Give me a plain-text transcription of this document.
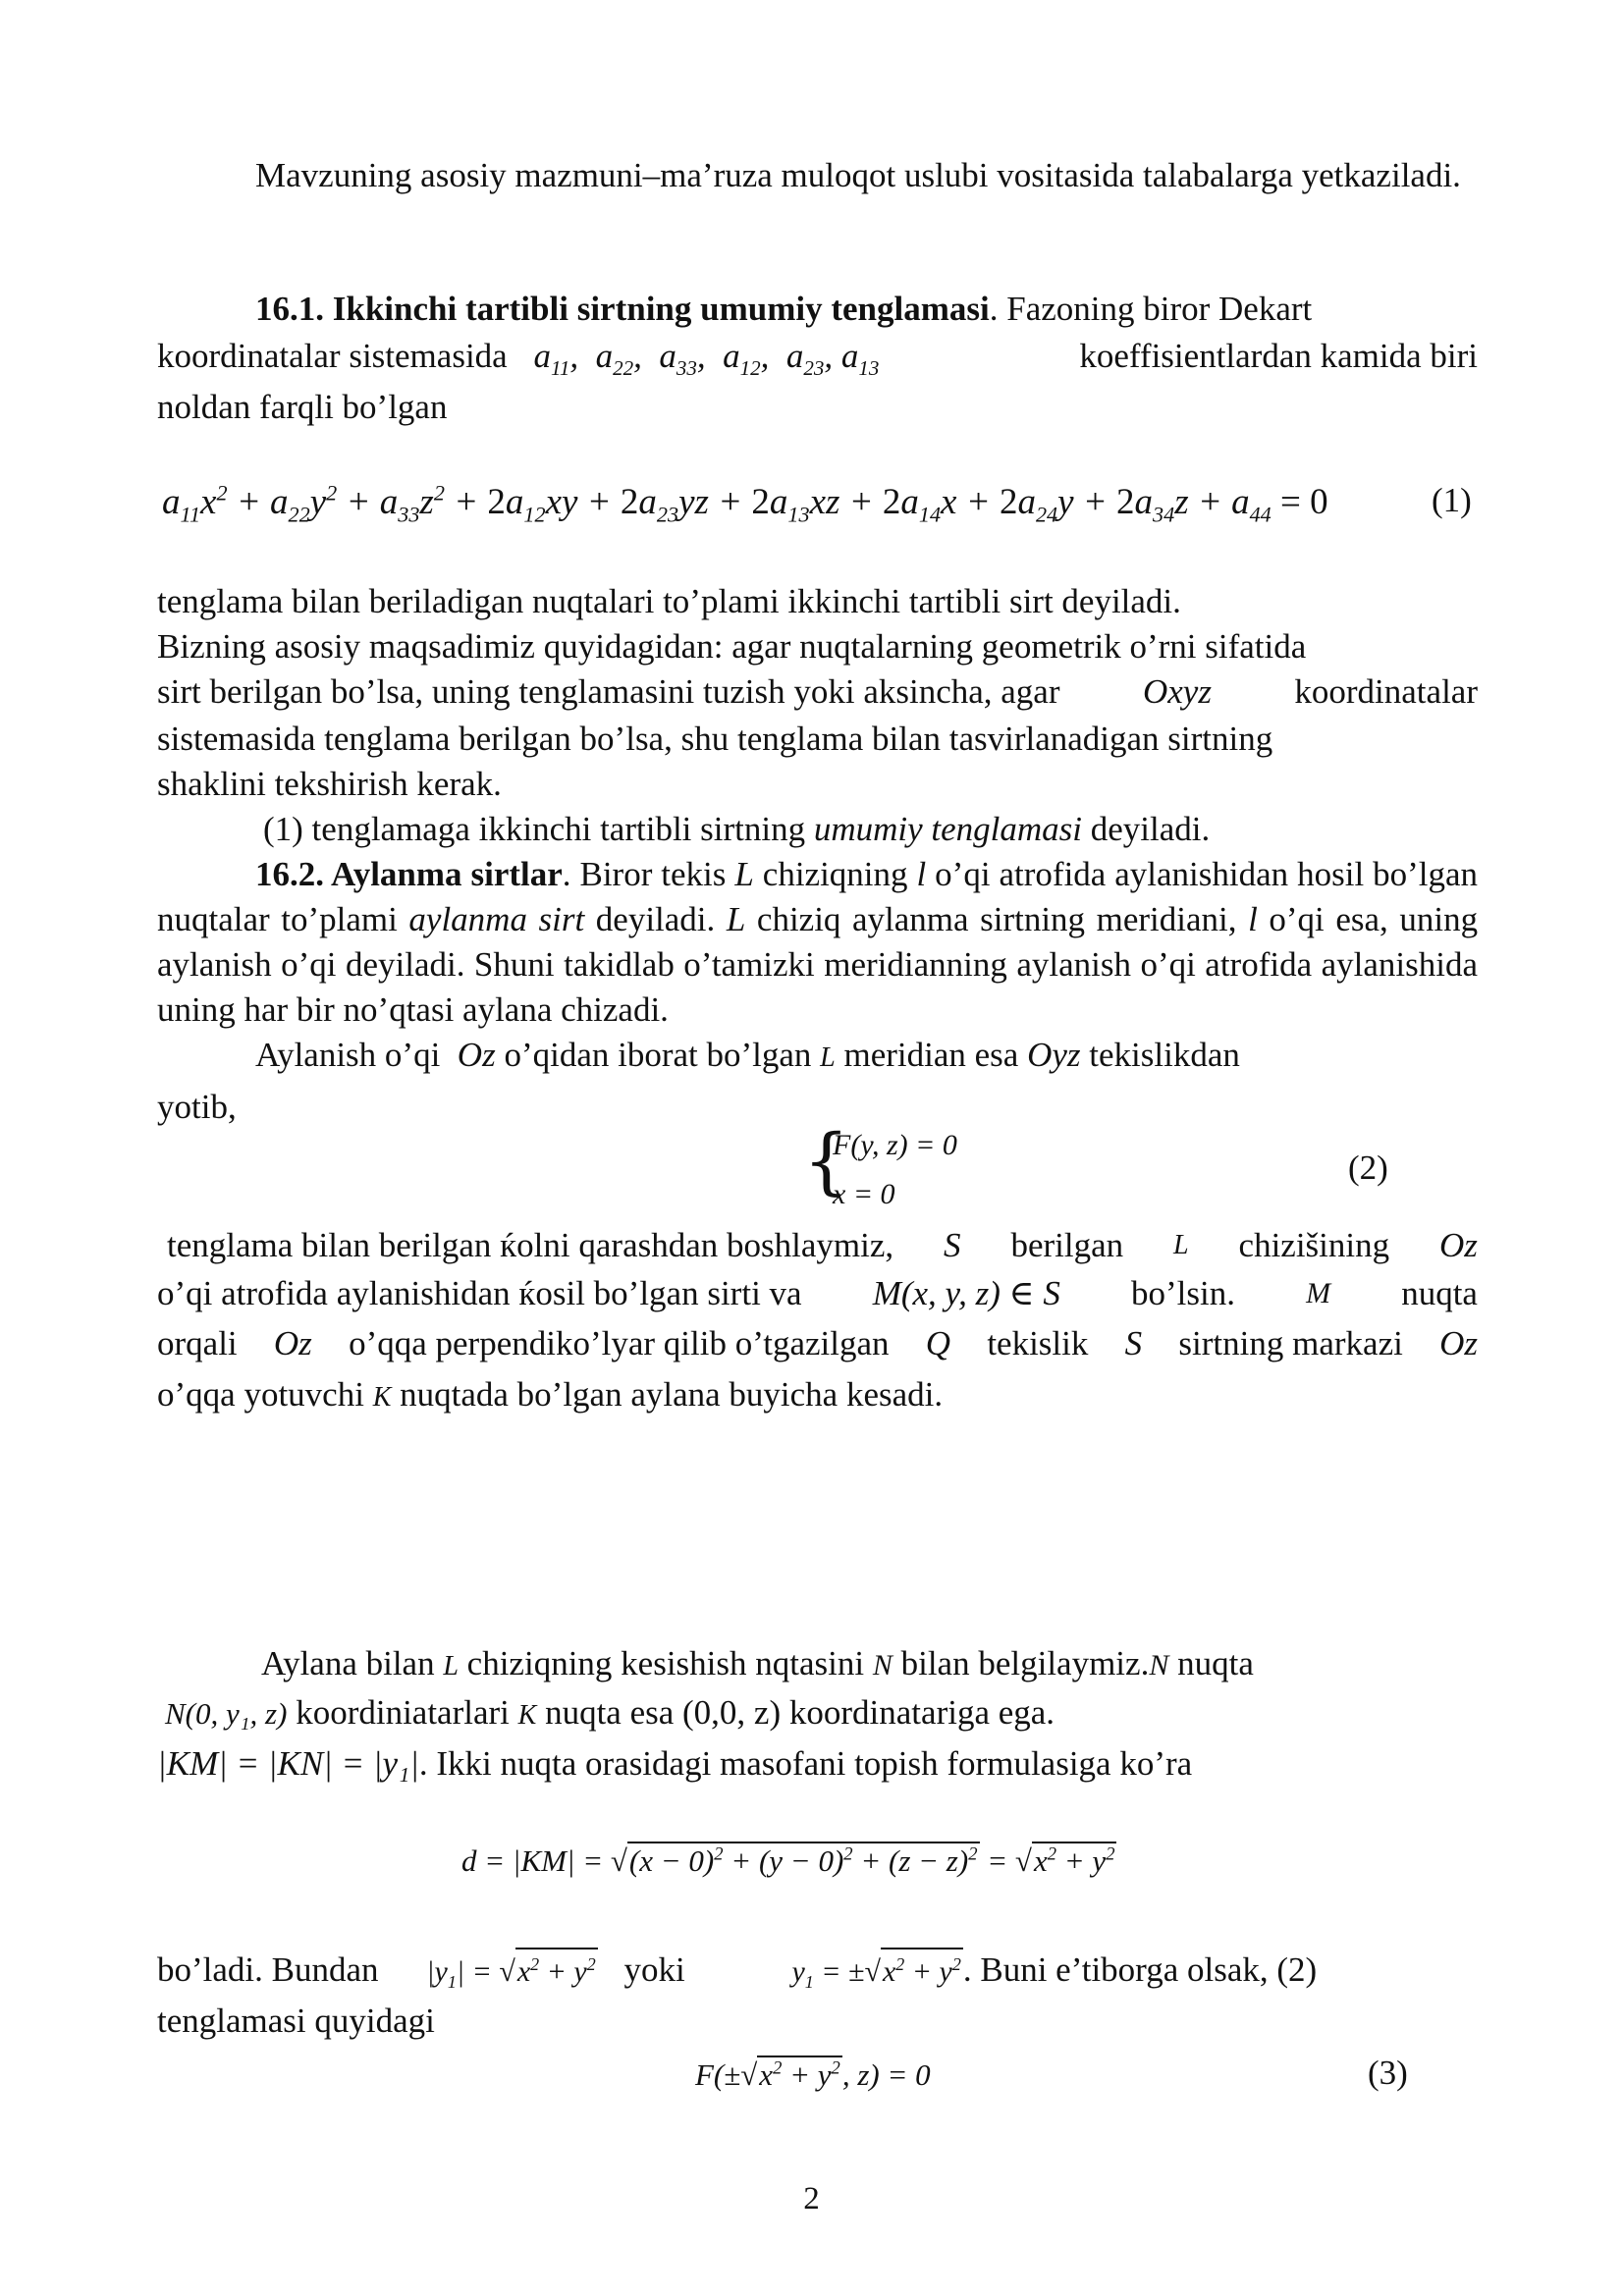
Mavzuning asosiy mazmuni–ma’ruza muloqot uslubi vositasida talabalarga yetkaziladi.
16.1. Ikkinchi tartibli sirtning umumiy tenglamasi. Fazoning biror Dekart
koordinatalar sistemasida $a_{11}$,  $a_{22}$,  $a_{33}$,  $a_{12}$,  $a_{23}$, $a_{13}$	koeffisientlardan kamida biri
noldan farqli bo’lgan
$a_{11}x^2 + a_{22}y^2 + a_{33}z^2 + 2a_{12}xy + 2a_{23}yz + 2a_{13}xz + 2a_{14}x + 2a_{24}y + 2a_{34}z + a_{44} = 0$	(1)
tenglama bilan beriladigan nuqtalari to’plami ikkinchi tartibli sirt deyiladi.
Bizning asosiy maqsadimiz quyidagidan: agar nuqtalarning geometrik o’rni sifatida
sirt berilgan bo’lsa, uning tenglamasini tuzish yoki aksincha, agar Oxyz koordinatalar
sistemasida tenglama berilgan bo’lsa, shu tenglama bilan tasvirlanadigan sirtning
shaklini tekshirish kerak.
(1) tenglamaga ikkinchi tartibli sirtning umumiy tenglamasi deyiladi.
16.2. Aylanma sirtlar. Biror tekis L chiziqning l o’qi atrofida aylanishidan hosil bo’lgan nuqtalar to’plami aylanma sirt deyiladi. L chiziq aylanma sirtning meridiani, l o’qi esa, uning aylanish o’qi deyiladi. Shuni takidlab o’tamizki meridianning aylanish o’qi atrofida aylanishida uning har bir no’qtasi aylana chizadi.
Aylanish o’qi Oz o’qidan iborat bo’lgan L meridian esa Oyz tekislikdan
yotib,
{
F(y, z) = 0
x = 0
(2)
tenglama bilan berilgan ќolni qarashdan boshlaymiz, S berilgan L chizišining Oz
o’qi atrofida aylanishidan ќosil bo’lgan sirti va M(x, y, z) ∈ S bo’lsin. M nuqta
orqali Oz o’qqa perpendiko’lyar qilib o’tgazilgan Q tekislik S sirtning markazi Oz
o’qqa yotuvchi K nuqtada bo’lgan aylana buyicha kesadi.
Aylana bilan L chiziqning kesishish nqtasini N bilan belgilaymiz.N nuqta
N(0, y₁, z) koordiniatarlari K nuqta esa (0,0, z) koordinatariga ega.
|KM| = |KN| = |y₁|. Ikki nuqta orasidagi masofani topish formulasiga ko’ra
$d = |KM| = √(x - 0)^2 + (y - 0)^2 + (z - z)^2 = √x^2 + y^2$
bo’ladi. Bundan $|y_1| = √x^2 + y^2$ yoki	$y_1 = \pm√x^2 + y^2$. Buni e’tiborga olsak, (2)
tenglamasi quyidagi
$F(\pm√x^2 + y^2$, z) = 0	(3)
2
